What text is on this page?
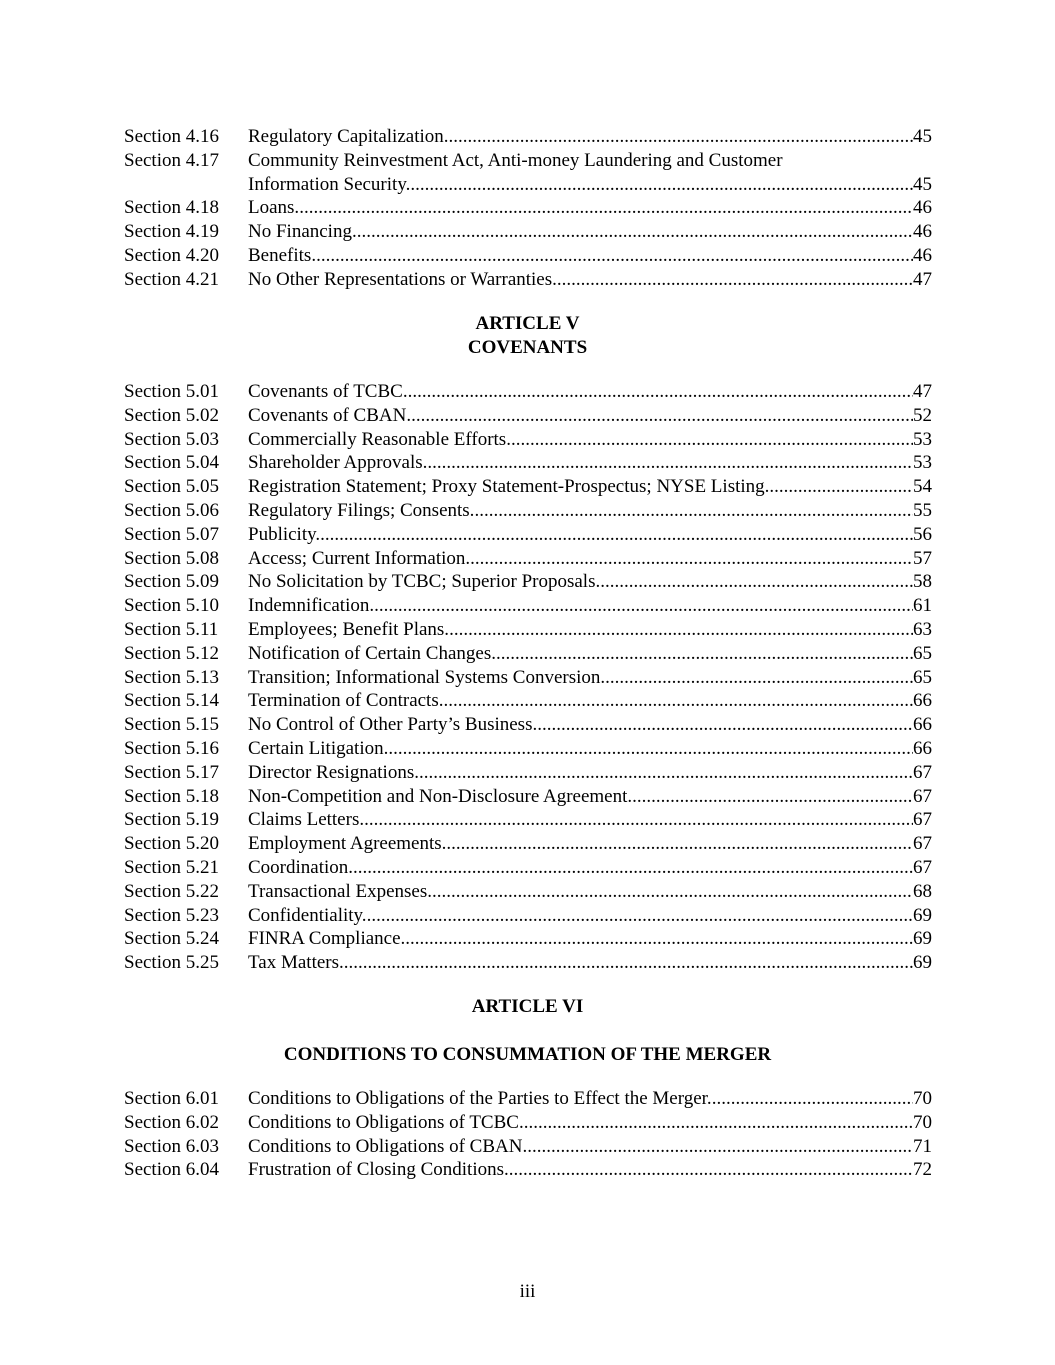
Section 4.16	Regulatory Capitalization. .....	45
Section 4.17	Community Reinvestment Act, Anti-money Laundering and Customer
Information Security. .....	45
Section 4.18	Loans. .....	46
Section 4.19	No Financing. .....	46
Section 4.20	Benefits. .....	46
Section 4.21	No Other Representations or Warranties. .....	47
ARTICLE V
COVENANTS
Section 5.01	Covenants of TCBC. .....	47
Section 5.02	Covenants of CBAN. .....	52
Section 5.03	Commercially Reasonable Efforts. .....	53
Section 5.04	Shareholder Approvals. .....	53
Section 5.05	Registration Statement; Proxy Statement-Prospectus; NYSE Listing. .....	54
Section 5.06	Regulatory Filings; Consents. .....	55
Section 5.07	Publicity. .....	56
Section 5.08	Access; Current Information. .....	57
Section 5.09	No Solicitation by TCBC; Superior Proposals. .....	58
Section 5.10	Indemnification. .....	61
Section 5.11	Employees; Benefit Plans. .....	63
Section 5.12	Notification of Certain Changes. .....	65
Section 5.13	Transition; Informational Systems Conversion. .....	65
Section 5.14	Termination of Contracts. .....	66
Section 5.15	No Control of Other Party’s Business. .....	66
Section 5.16	Certain Litigation. .....	66
Section 5.17	Director Resignations. .....	67
Section 5.18	Non-Competition and Non-Disclosure Agreement. .....	67
Section 5.19	Claims Letters. .....	67
Section 5.20	Employment Agreements. .....	67
Section 5.21	Coordination. .....	67
Section 5.22	Transactional Expenses. .....	68
Section 5.23	Confidentiality. .....	69
Section 5.24	FINRA Compliance. .....	69
Section 5.25	Tax Matters. .....	69
ARTICLE VI
CONDITIONS TO CONSUMMATION OF THE MERGER
Section 6.01	Conditions to Obligations of the Parties to Effect the Merger. .....	70
Section 6.02	Conditions to Obligations of TCBC. .....	70
Section 6.03	Conditions to Obligations of CBAN. .....	71
Section 6.04	Frustration of Closing Conditions. .....	72
iii
